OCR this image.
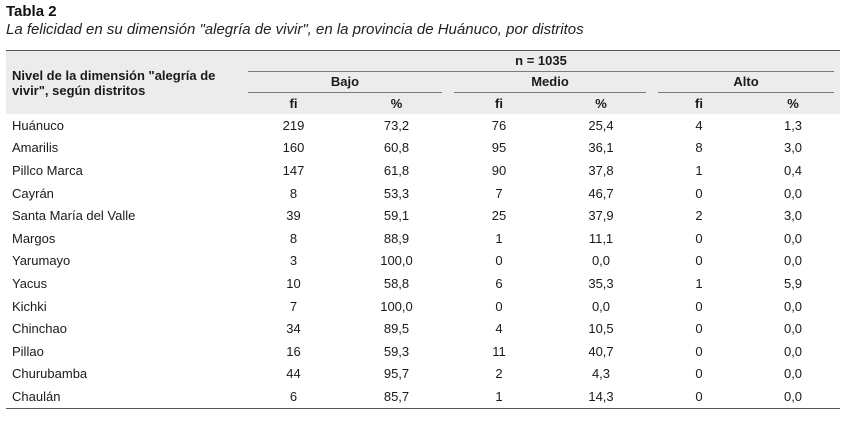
Tabla 2
La felicidad en su dimensión "alegría de vivir", en la provincia de Huánuco, por distritos
Nivel de la dimensión "alegría de vivir", según distritos	n = 1035					

	Bajo		Medio		Alto	

	fi	%	fi	%	fi	%
Huánuco	219	73,2	76	25,4	4	1,3
Amarilis	160	60,8	95	36,1	8	3,0
Pillco Marca	147	61,8	90	37,8	1	0,4
Cayrán	8	53,3	7	46,7	0	0,0
Santa María del Valle	39	59,1	25	37,9	2	3,0
Margos	8	88,9	1	11,1	0	0,0
Yarumayo	3	100,0	0	0,0	0	0,0
Yacus	10	58,8	6	35,3	1	5,9
Kichki	7	100,0	0	0,0	0	0,0
Chinchao	34	89,5	4	10,5	0	0,0
Pillao	16	59,3	11	40,7	0	0,0
Churubamba	44	95,7	2	4,3	0	0,0
Chaulán	6	85,7	1	14,3	0	0,0
